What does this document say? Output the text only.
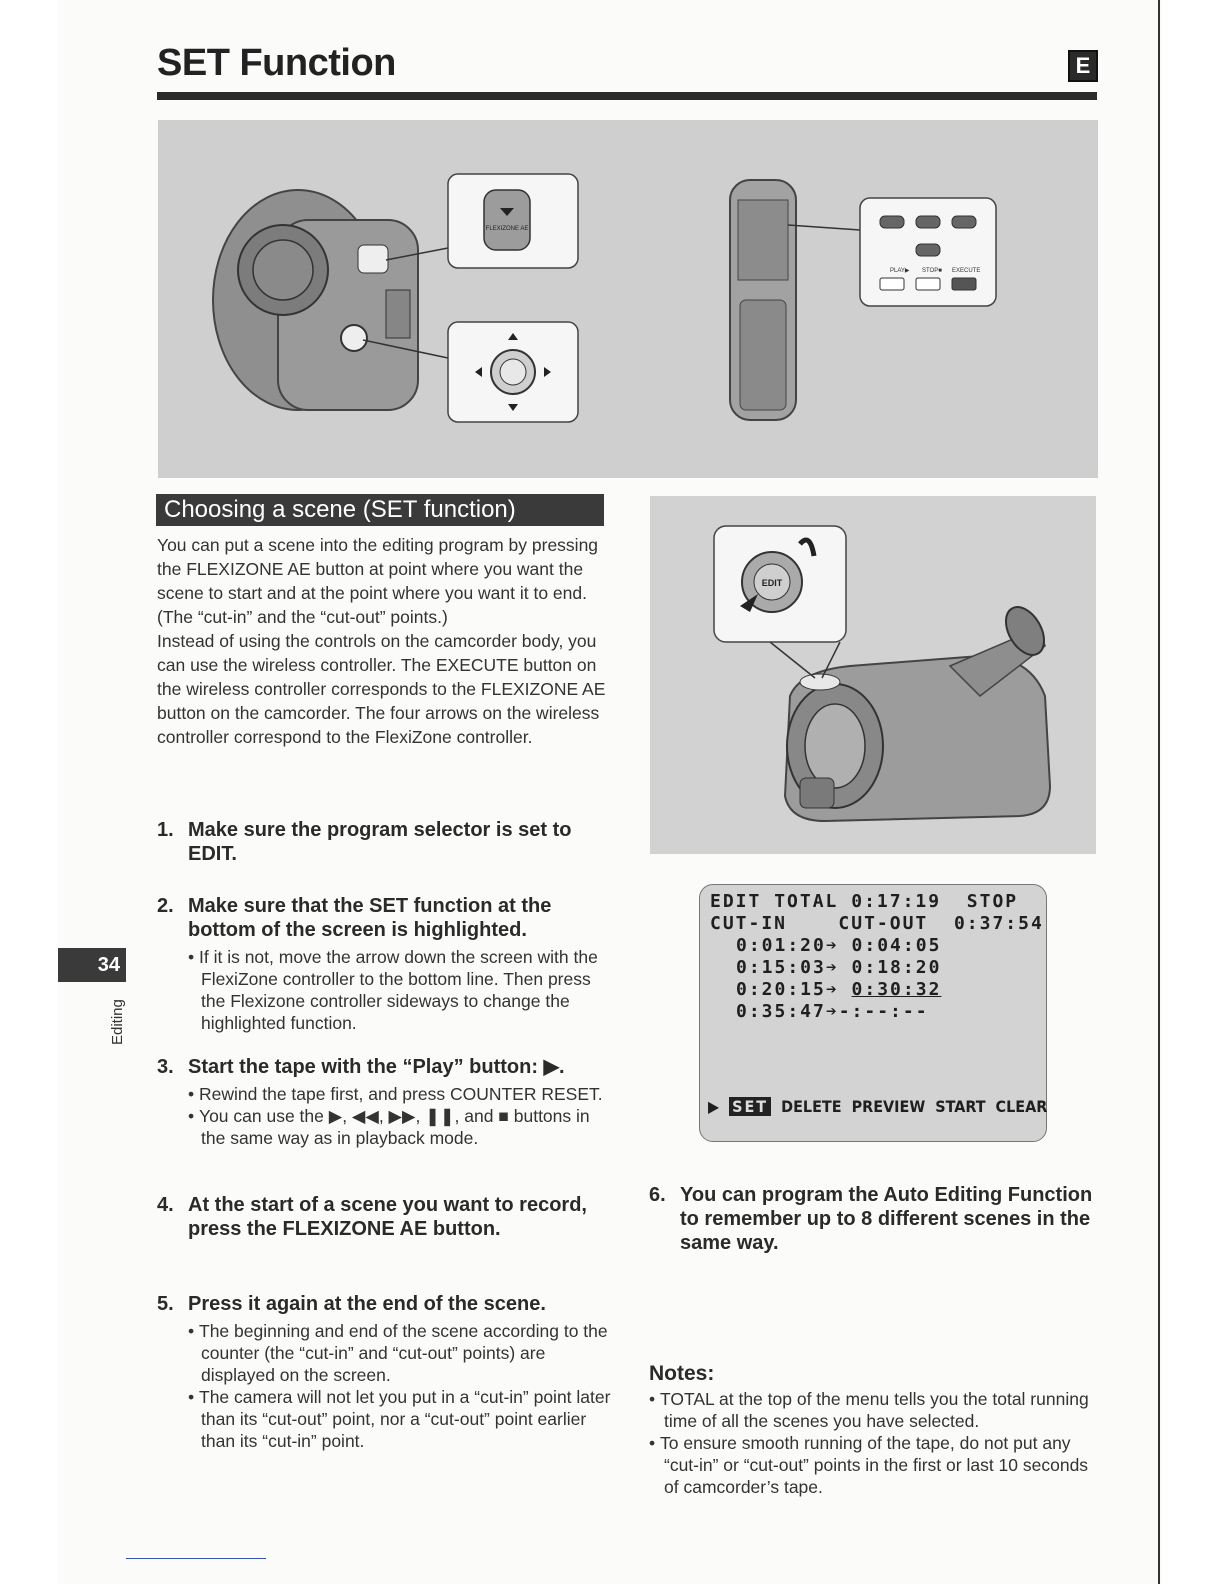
SET Function	E
FLEXIZONE AE
PLAY▶ STOP■ EXECUTE
Choosing a scene (SET function)

You can put a scene into the editing program by pressing the FLEXIZONE AE button at point where you want the scene to start and at the point where you want it to end. (The “cut-in” and the “cut-out” points.)

Instead of using the controls on the camcorder body, you can use the wireless controller. The EXECUTE button on the wireless controller corresponds to the FLEXIZONE AE button on the camcorder. The four arrows on the wireless controller correspond to the FlexiZone controller.

EDIT
1. Make sure the program selector is set to EDIT.
2. Make sure that the SET function at the bottom of the screen is highlighted.
• If it is not, move the arrow down the screen with the FlexiZone controller to the bottom line. Then press the Flexizone controller sideways to change the highlighted function.
3. Start the tape with the “Play” button: ▶.
• Rewind the tape first, and press COUNTER RESET.
• You can use the ▶, ◀◀, ▶▶, ❚❚, and ■ buttons in the same way as in playback mode.
4. At the start of a scene you want to record, press the FLEXIZONE AE button.
5. Press it again at the end of the scene.
• The beginning and end of the scene according to the counter (the “cut-in” and “cut-out” points) are displayed on the screen.
• The camera will not let you put in a “cut-in” point later than its “cut-out” point, nor a “cut-out” point earlier than its “cut-in” point.
34
Editing
EDIT TOTAL 0:17:19 STOP
CUT-IN	CUT-OUT 0:37:54
0:01:20➔ 0:04:05
0:15:03➔ 0:18:20
0:20:15➔ 0:30:32
0:35:47➔-:--:--
▶ SET DELETE PREVIEW START CLEAR
6. You can program the Auto Editing Function to remember up to 8 different scenes in the same way.
Notes:
• TOTAL at the top of the menu tells you the total running time of all the scenes you have selected.
• To ensure smooth running of the tape, do not put any “cut-in” or “cut-out” points in the first or last 10 seconds of camcorder’s tape.
